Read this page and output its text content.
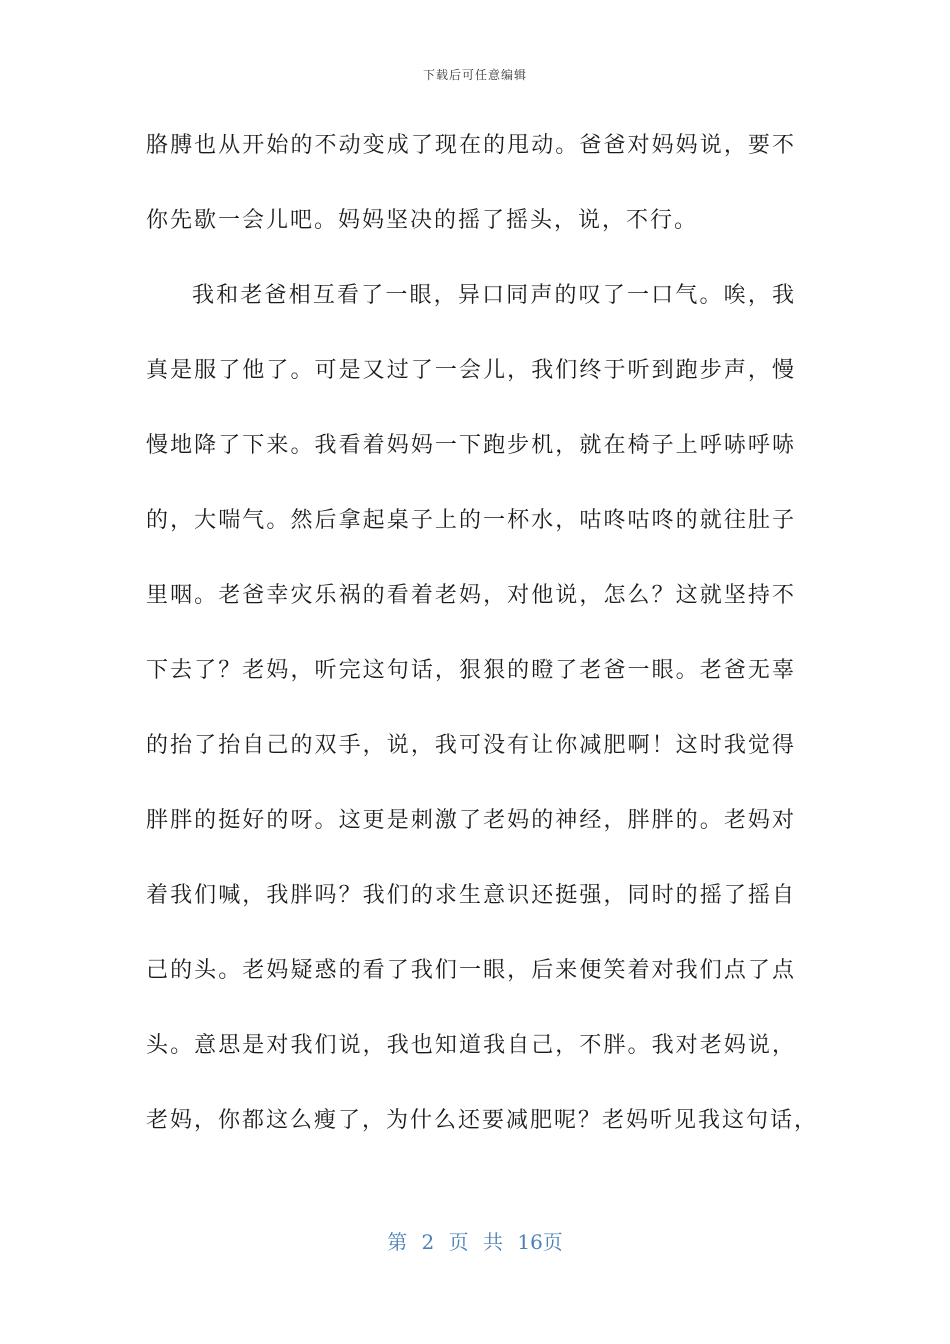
下载后可任意编辑
胳膊也从开始的不动变成了现在的甩动。爸爸对妈妈说，要不
你先歇一会儿吧。妈妈坚决的摇了摇头，说，不行。
我和老爸相互看了一眼，异口同声的叹了一口气。唉，我
真是服了他了。可是又过了一会儿，我们终于听到跑步声，慢
慢地降了下来。我看着妈妈一下跑步机，就在椅子上呼哧呼哧
的，大喘气。然后拿起桌子上的一杯水，咕咚咕咚的就往肚子
里咽。老爸幸灾乐祸的看着老妈，对他说，怎么？这就坚持不
下去了？老妈，听完这句话，狠狠的瞪了老爸一眼。老爸无辜
的抬了抬自己的双手，说，我可没有让你减肥啊！这时我觉得
胖胖的挺好的呀。这更是刺激了老妈的神经，胖胖的。老妈对
着我们喊，我胖吗？我们的求生意识还挺强，同时的摇了摇自
己的头。老妈疑惑的看了我们一眼，后来便笑着对我们点了点
头。意思是对我们说，我也知道我自己，不胖。我对老妈说，
老妈，你都这么瘦了，为什么还要减肥呢？老妈听见我这句话，
第 2 页 共 16页
